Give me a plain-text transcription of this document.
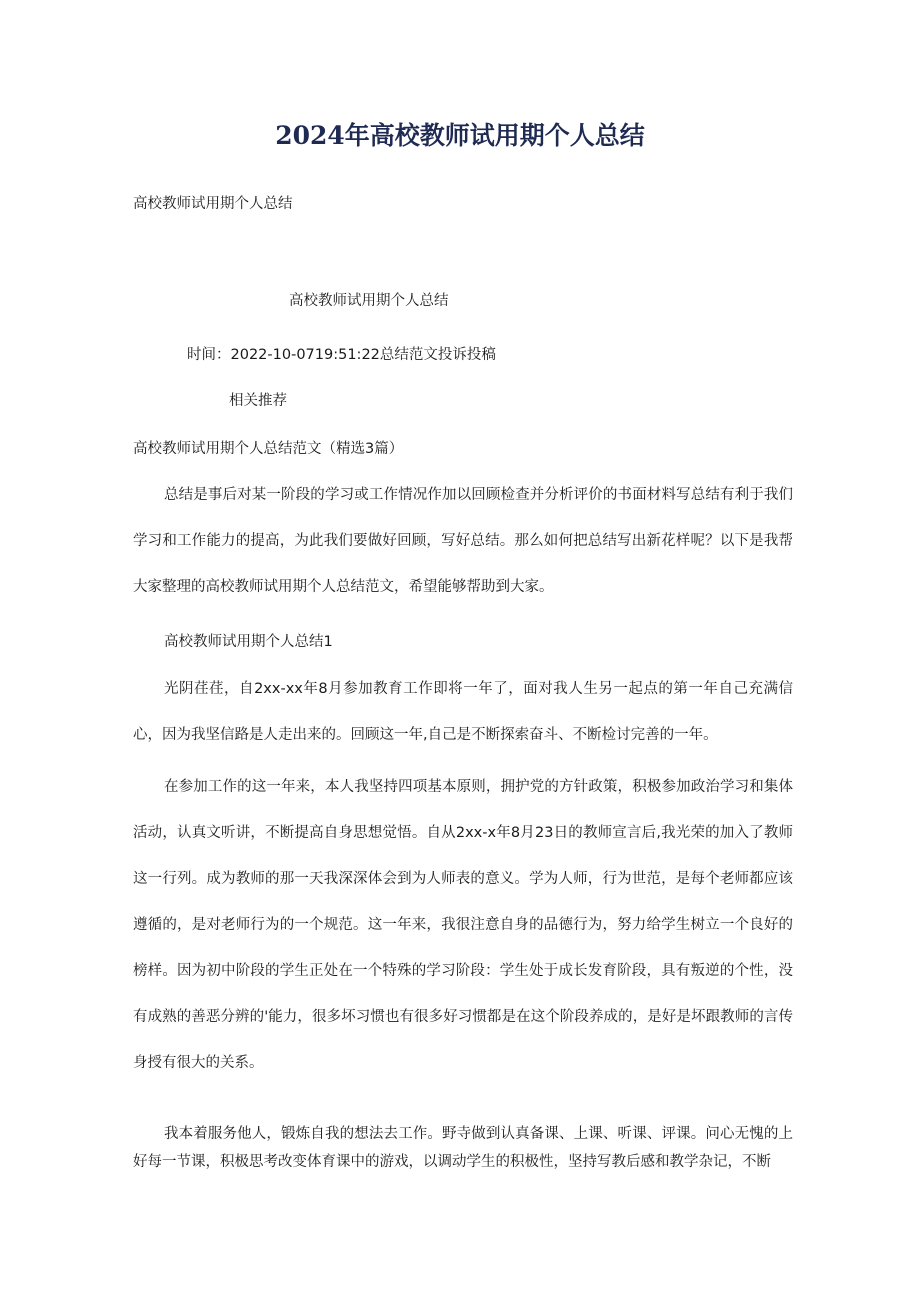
2024年高校教师试用期个人总结
高校教师试用期个人总结
高校教师试用期个人总结
时间：2022-10-0719:51:22总结范文投诉投稿
相关推荐
高校教师试用期个人总结范文（精选3篇）
总结是事后对某一阶段的学习或工作情况作加以回顾检查并分析评价的书面材料写总结有利于我们学习和工作能力的提高，为此我们要做好回顾，写好总结。那么如何把总结写出新花样呢？以下是我帮大家整理的高校教师试用期个人总结范文，希望能够帮助到大家。
高校教师试用期个人总结1
光阴荏荏，自2xx-xx年8月参加教育工作即将一年了，面对我人生另一起点的第一年自己充满信心，因为我坚信路是人走出来的。回顾这一年,自己是不断探索奋斗、不断检讨完善的一年。
在参加工作的这一年来，本人我坚持四项基本原则，拥护党的方针政策，积极参加政治学习和集体活动，认真文听讲，不断提高自身思想觉悟。自从2xx-x年8月23日的教师宣言后,我光荣的加入了教师这一行列。成为教师的那一天我深深体会到为人师表的意义。学为人师，行为世范，是每个老师都应该遵循的，是对老师行为的一个规范。这一年来，我很注意自身的品德行为，努力给学生树立一个良好的榜样。因为初中阶段的学生正处在一个特殊的学习阶段：学生处于成长发育阶段，具有叛逆的个性，没有成熟的善恶分辨的'能力，很多坏习惯也有很多好习惯都是在这个阶段养成的，是好是坏跟教师的言传身授有很大的关系。
我本着服务他人，锻炼自我的想法去工作。野寺做到认真备课、上课、听课、评课。问心无愧的上好每一节课，积极思考改变体育课中的游戏，以调动学生的积极性，坚持写教后感和教学杂记，不断
